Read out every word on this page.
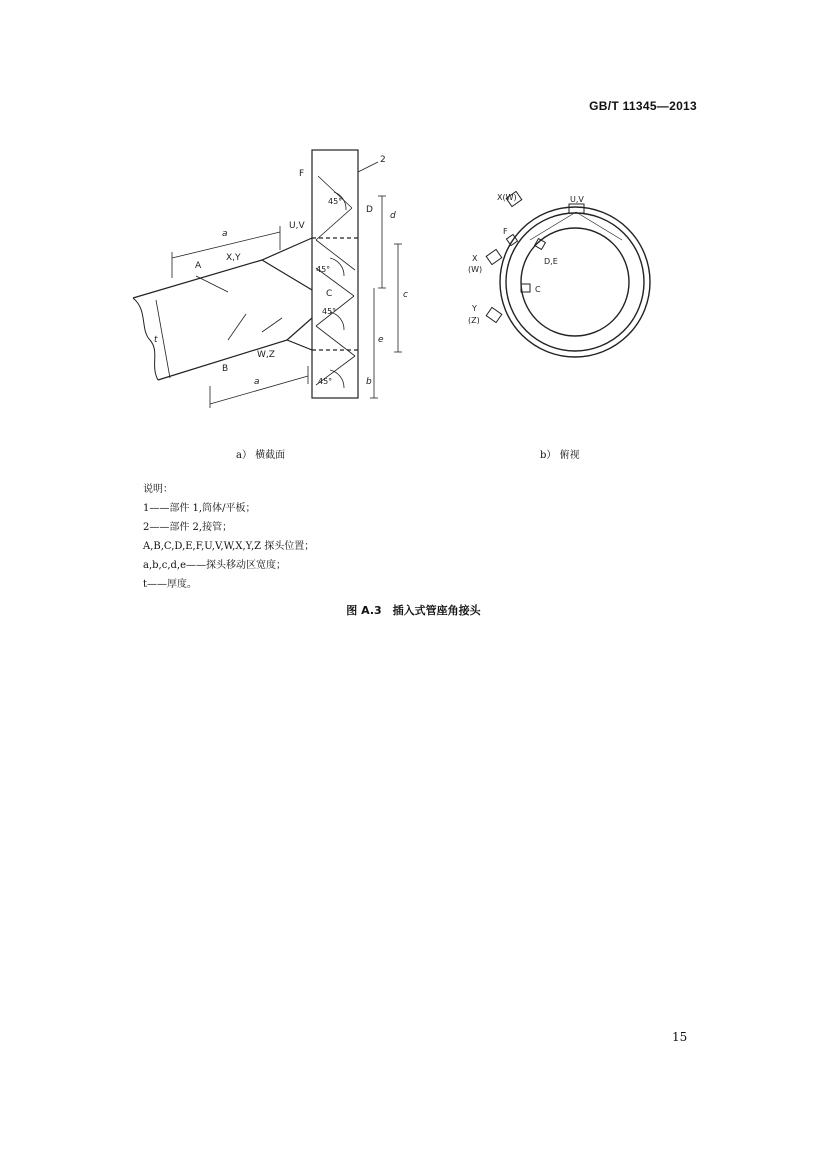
GB/T 11345—2013
2
F
U,V
A
X,Y
B
W,Z
C
D
a
a
d
c
e
b
t
45°
45°
45°
45°
U,V
X(W)
X
(W)
F
D,E
C
Y
(Z)
a） 横截面	b） 俯视
说明：
1——部件 1,筒体/平板；
2——部件 2,接管；
A,B,C,D,E,F,U,V,W,X,Y,Z 探头位置；
a,b,c,d,e——探头移动区宽度；
t——厚度。
图 A.3　插入式管座角接头
15
